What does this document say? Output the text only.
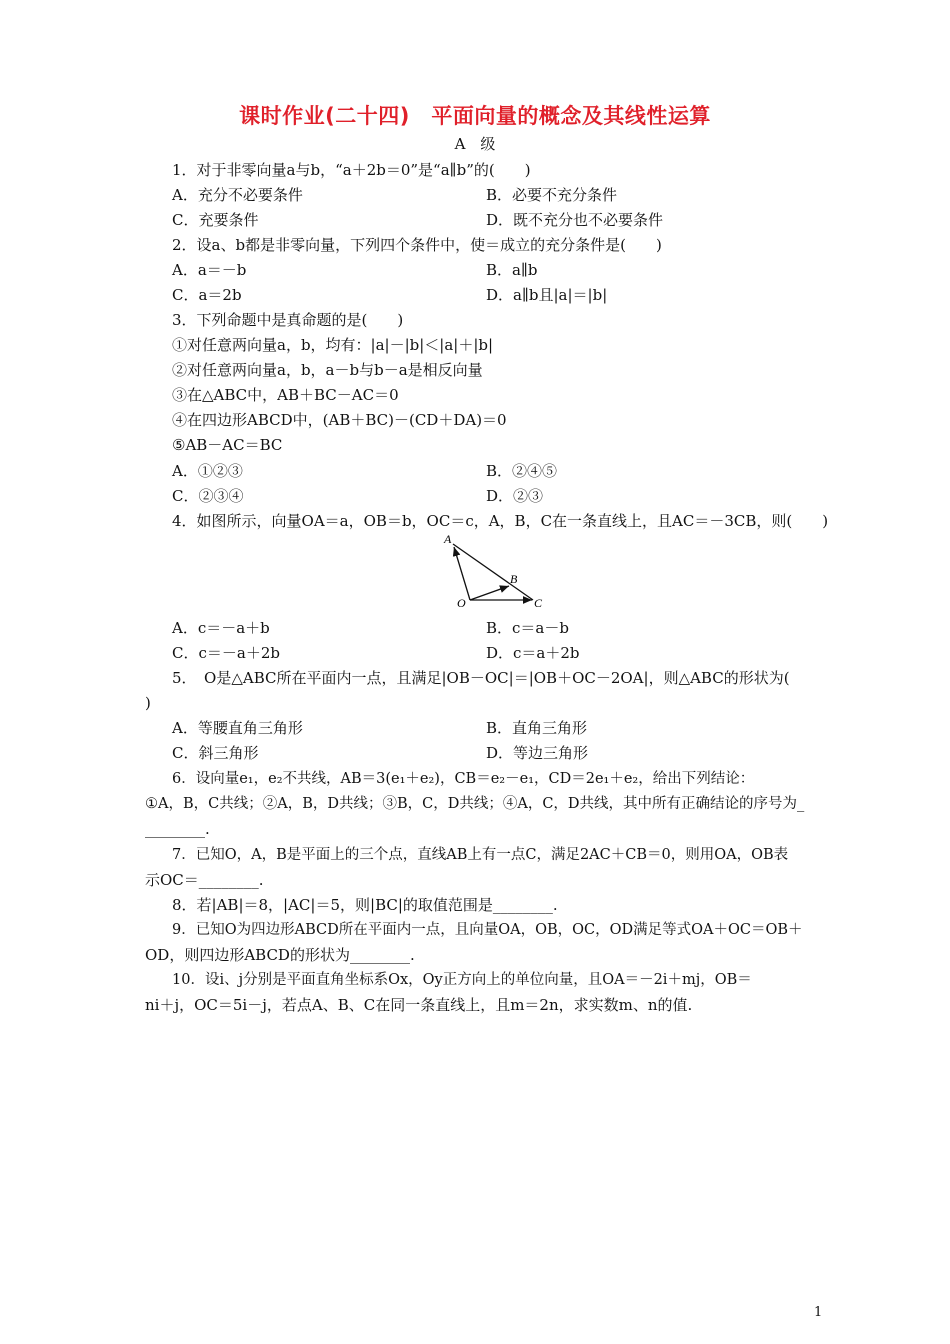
课时作业(二十四)　平面向量的概念及其线性运算
A　级
1．对于非零向量a与b，“a＋2b＝0”是“a∥b”的(　　)
A．充分不必要条件	B．必要不充分条件
C．充要条件	D．既不充分也不必要条件
2．设a、b都是非零向量，下列四个条件中，使＝成立的充分条件是(　　)
A．a＝－b	B．a∥b
C．a＝2b	D．a∥b且|a|＝|b|
3．下列命题中是真命题的是(　　)
①对任意两向量a，b，均有：|a|－|b|＜|a|＋|b|
②对任意两向量a，b，a－b与b－a是相反向量
③在△ABC中，AB＋BC－AC＝0
④在四边形ABCD中，(AB＋BC)－(CD＋DA)＝0
⑤AB－AC＝BC
A．①②③	B．②④⑤
C．②③④	D．②③
4．如图所示，向量OA＝a，OB＝b，OC＝c，A，B，C在一条直线上，且AC＝－3CB，则(　　)
A
B
O	C
A．c＝－a＋b	B．c＝a－b
C．c＝－a＋2b	D．c＝a＋2b
5．　O是△ABC所在平面内一点，且满足|OB－OC|＝|OB＋OC－2OA|，则△ABC的形状为(
)
A．等腰直角三角形	B．直角三角形
C．斜三角形	D．等边三角形
6．设向量e₁，e₂不共线，AB＝3(e₁＋e₂)，CB＝e₂－e₁，CD＝2e₁＋e₂，给出下列结论：
①A，B，C共线；②A，B，D共线；③B，C，D共线；④A，C，D共线，其中所有正确结论的序号为_
________.
7．已知O，A，B是平面上的三个点，直线AB上有一点C，满足2AC＋CB＝0，则用OA，OB表
示OC＝________.
8．若|AB|＝8，|AC|＝5，则|BC|的取值范围是________.
9．已知O为四边形ABCD所在平面内一点，且向量OA，OB，OC，OD满足等式OA＋OC＝OB＋
OD，则四边形ABCD的形状为________.
10．设i、j分别是平面直角坐标系Ox，Oy正方向上的单位向量，且OA＝－2i＋mj，OB＝
ni＋j，OC＝5i－j，若点A、B、C在同一条直线上，且m＝2n，求实数m、n的值.
1
